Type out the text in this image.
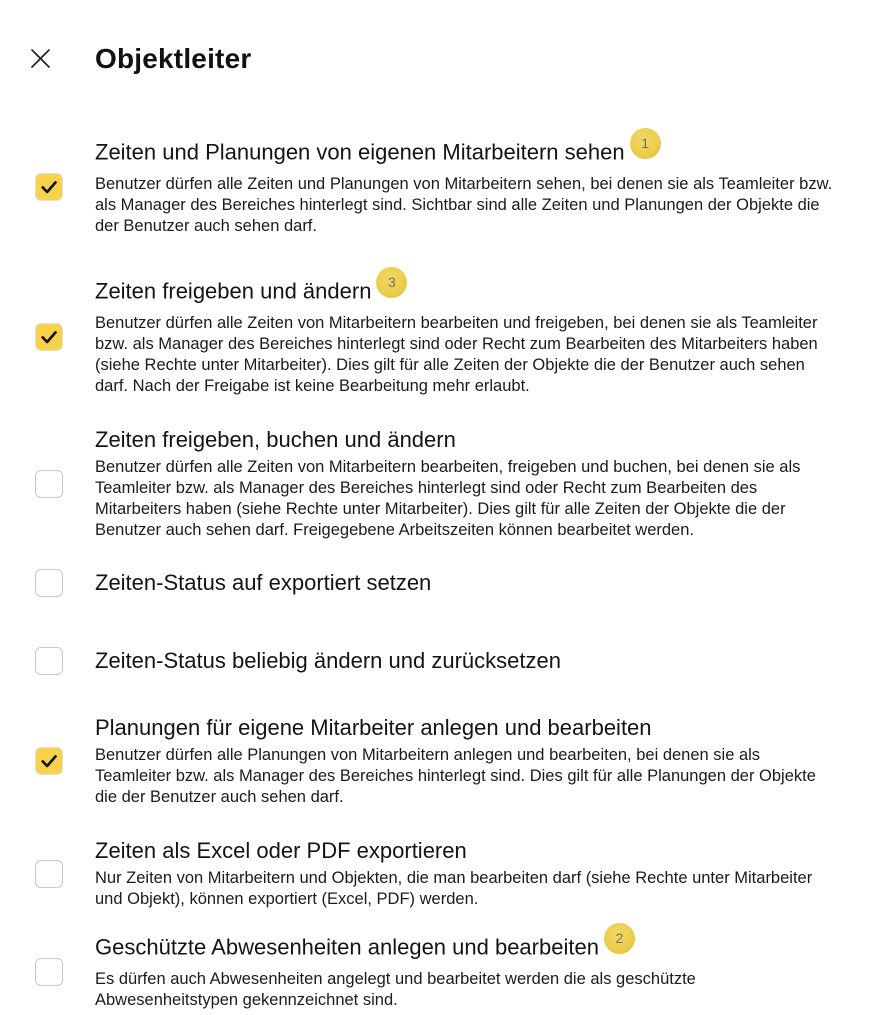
Objektleiter
Zeiten und Planungen von eigenen Mitarbeitern sehen 1
Benutzer dürfen alle Zeiten und Planungen von Mitarbeitern sehen, bei denen sie als Teamleiter bzw. als Manager des Bereiches hinterlegt sind. Sichtbar sind alle Zeiten und Planungen der Objekte die der Benutzer auch sehen darf.
Zeiten freigeben und ändern 3
Benutzer dürfen alle Zeiten von Mitarbeitern bearbeiten und freigeben, bei denen sie als Teamleiter bzw. als Manager des Bereiches hinterlegt sind oder Recht zum Bearbeiten des Mitarbeiters haben (siehe Rechte unter Mitarbeiter). Dies gilt für alle Zeiten der Objekte die der Benutzer auch sehen darf. Nach der Freigabe ist keine Bearbeitung mehr erlaubt.
Zeiten freigeben, buchen und ändern
Benutzer dürfen alle Zeiten von Mitarbeitern bearbeiten, freigeben und buchen, bei denen sie als Teamleiter bzw. als Manager des Bereiches hinterlegt sind oder Recht zum Bearbeiten des Mitarbeiters haben (siehe Rechte unter Mitarbeiter). Dies gilt für alle Zeiten der Objekte die der Benutzer auch sehen darf. Freigegebene Arbeitszeiten können bearbeitet werden.
Zeiten-Status auf exportiert setzen
Zeiten-Status beliebig ändern und zurücksetzen
Planungen für eigene Mitarbeiter anlegen und bearbeiten
Benutzer dürfen alle Planungen von Mitarbeitern anlegen und bearbeiten, bei denen sie als Teamleiter bzw. als Manager des Bereiches hinterlegt sind. Dies gilt für alle Planungen der Objekte die der Benutzer auch sehen darf.
Zeiten als Excel oder PDF exportieren
Nur Zeiten von Mitarbeitern und Objekten, die man bearbeiten darf (siehe Rechte unter Mitarbeiter und Objekt), können exportiert (Excel, PDF) werden.
Geschützte Abwesenheiten anlegen und bearbeiten 2
Es dürfen auch Abwesenheiten angelegt und bearbeitet werden die als geschützte Abwesenheitstypen gekennzeichnet sind.
